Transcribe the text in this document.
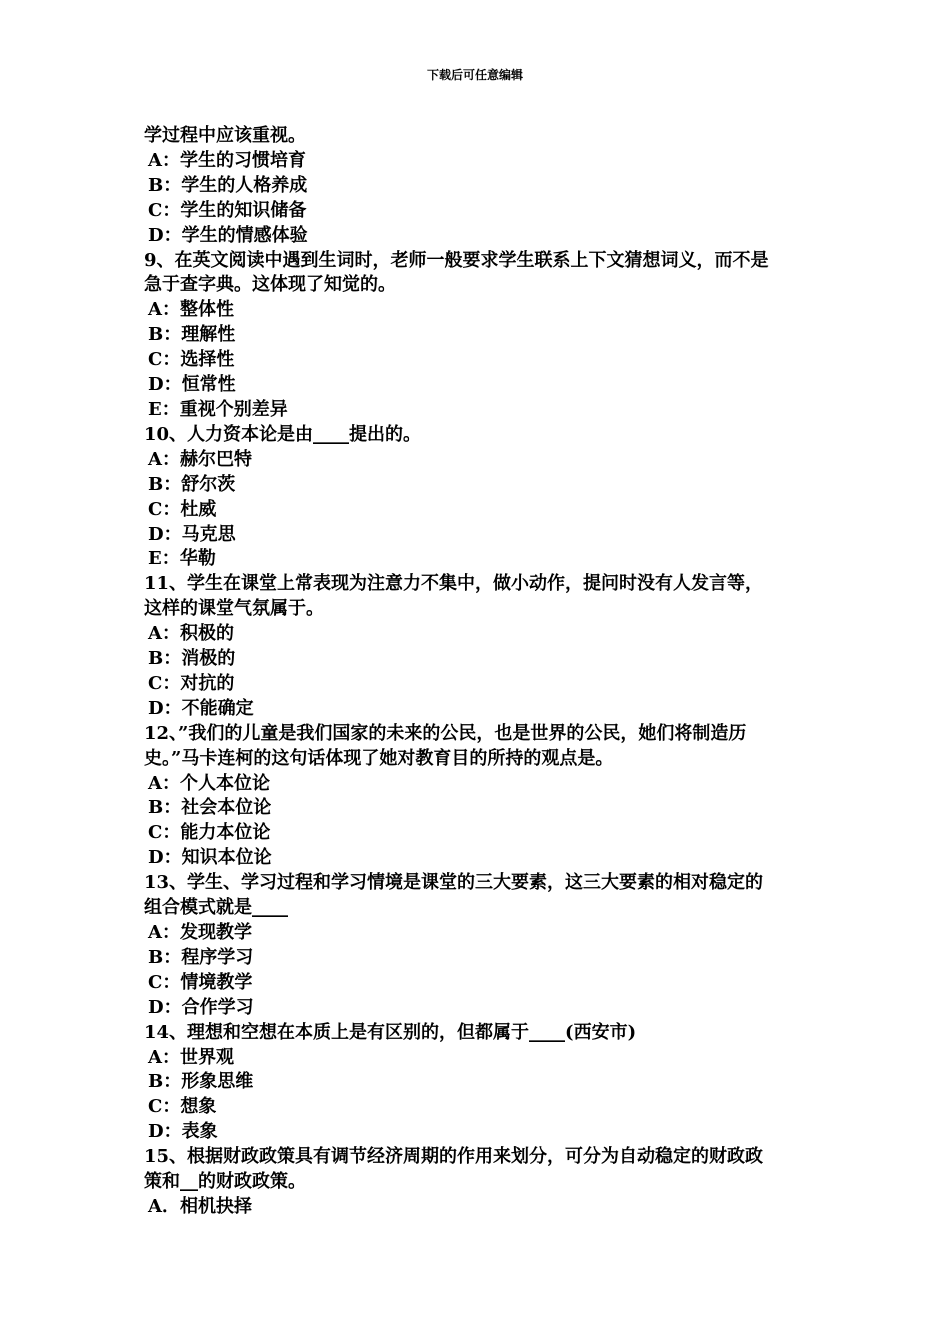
下载后可任意编辑
学过程中应该重视。
A：学生的习惯培育
B：学生的人格养成
C：学生的知识储备
D：学生的情感体验
9、在英文阅读中遇到生词时，老师一般要求学生联系上下文猜想词义，而不是
急于查字典。这体现了知觉的。
A：整体性
B：理解性
C：选择性
D：恒常性
E：重视个别差异
10、人力资本论是由____提出的。
A：赫尔巴特
B：舒尔茨
C：杜威
D：马克思
E：华勒
11、学生在课堂上常表现为注意力不集中，做小动作，提问时没有人发言等，
这样的课堂气氛属于。
A：积极的
B：消极的
C：对抗的
D：不能确定
12、”我们的儿童是我们国家的未来的公民，也是世界的公民，她们将制造历
史。”马卡连柯的这句话体现了她对教育目的所持的观点是。
A：个人本位论
B：社会本位论
C：能力本位论
D：知识本位论
13、学生、学习过程和学习情境是课堂的三大要素，这三大要素的相对稳定的
组合模式就是____
A：发现教学
B：程序学习
C：情境教学
D：合作学习
14、理想和空想在本质上是有区别的，但都属于____(西安市)
A：世界观
B：形象思维
C：想象
D：表象
15、根据财政政策具有调节经济周期的作用来划分，可分为自动稳定的财政政
策和__的财政政策。
A．相机抉择
